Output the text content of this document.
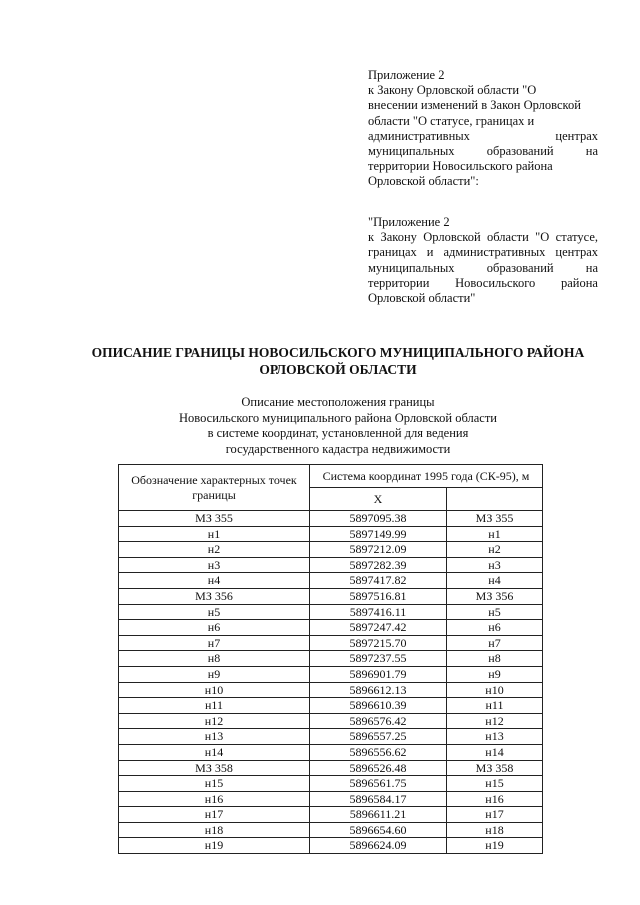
Приложение 2
к Закону Орловской области "О
внесении изменений в Закон Орловской
области "О статусе, границах и
административных центрах
муниципальных образований на
территории Новосильского района
Орловской области":
"Приложение 2
к Закону Орловской области "О статусе,
границах и административных центрах
муниципальных образований на
территории Новосильского района
Орловской области"
ОПИСАНИЕ ГРАНИЦЫ НОВОСИЛЬСКОГО МУНИЦИПАЛЬНОГО РАЙОНА
ОРЛОВСКОЙ ОБЛАСТИ
Описание местоположения границы
Новосильского муниципального района Орловской области
в системе координат, установленной для ведения
государственного кадастра недвижимости
Обозначение характерных точек границы	Система координат 1995 года (СК-95), м	
	X	
МЗ 355	5897095.38	МЗ 355
н1	5897149.99	н1
н2	5897212.09	н2
н3	5897282.39	н3
н4	5897417.82	н4
МЗ 356	5897516.81	МЗ 356
н5	5897416.11	н5
н6	5897247.42	н6
н7	5897215.70	н7
н8	5897237.55	н8
н9	5896901.79	н9
н10	5896612.13	н10
н11	5896610.39	н11
н12	5896576.42	н12
н13	5896557.25	н13
н14	5896556.62	н14
МЗ 358	5896526.48	МЗ 358
н15	5896561.75	н15
н16	5896584.17	н16
н17	5896611.21	н17
н18	5896654.60	н18
н19	5896624.09	н19
